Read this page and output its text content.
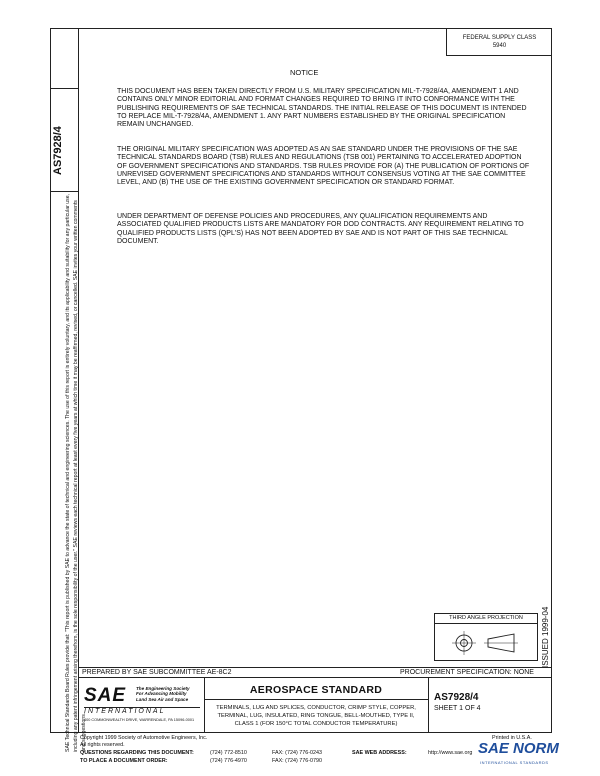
AS7928/4
SAE Technical Standards Board Rules provide that: "This report is published by SAE to advance the state of technical and engineering sciences. The use of this report is entirely voluntary, and its applicability and suitability for any particular use, including any patent infringement arising therefrom, is the sole responsibility of the user." SAE reviews each technical report at least every five years at which time it may be reaffirmed, revised, or cancelled. SAE invites your written comments and suggestions.
FEDERAL SUPPLY CLASS
5940
NOTICE
THIS DOCUMENT HAS BEEN TAKEN DIRECTLY FROM U.S. MILITARY SPECIFICATION MIL-T-7928/4A, AMENDMENT 1 AND CONTAINS ONLY MINOR EDITORIAL AND FORMAT CHANGES REQUIRED TO BRING IT INTO CONFORMANCE WITH THE PUBLISHING REQUIREMENTS OF SAE TECHNICAL STANDARDS. THE INITIAL RELEASE OF THIS DOCUMENT IS INTENDED TO REPLACE MIL-T-7928/4A, AMENDMENT 1. ANY PART NUMBERS ESTABLISHED BY THE ORIGINAL SPECIFICATION REMAIN UNCHANGED.
THE ORIGINAL MILITARY SPECIFICATION WAS ADOPTED AS AN SAE STANDARD UNDER THE PROVISIONS OF THE SAE TECHNICAL STANDARDS BOARD (TSB) RULES AND REGULATIONS (TSB 001) PERTAINING TO ACCELERATED ADOPTION OF GOVERNMENT SPECIFICATIONS AND STANDARDS. TSB RULES PROVIDE FOR (A) THE PUBLICATION OF PORTIONS OF UNREVISED GOVERNMENT SPECIFICATIONS AND STANDARDS WITHOUT CONSENSUS VOTING AT THE SAE COMMITTEE LEVEL, AND (B) THE USE OF THE EXISTING GOVERNMENT SPECIFICATION OR STANDARD FORMAT.
UNDER DEPARTMENT OF DEFENSE POLICIES AND PROCEDURES, ANY QUALIFICATION REQUIREMENTS AND ASSOCIATED QUALIFIED PRODUCTS LISTS ARE MANDATORY FOR DOD CONTRACTS. ANY REQUIREMENT RELATING TO QUALIFIED PRODUCTS LISTS (QPL'S) HAS NOT BEEN ADOPTED BY SAE AND IS NOT PART OF THIS SAE TECHNICAL DOCUMENT.
ISSUED 1999-04
THIRD ANGLE PROJECTION
PREPARED BY SAE SUBCOMMITTEE AE-8C2	PROCUREMENT SPECIFICATION: NONE
SAE The Engineering Society
For Advancing Mobility
Land Sea Air and Space
INTERNATIONAL
400 COMMONWEALTH DRIVE, WARRENDALE, PA 15096-0001
AEROSPACE STANDARD
TERMINALS, LUG AND SPLICES, CONDUCTOR, CRIMP STYLE, COPPER, TERMINAL, LUG, INSULATED, RING TONGUE, BELL-MOUTHED, TYPE II, CLASS 1 (FOR 150°C TOTAL CONDUCTOR TEMPERATURE)
AS7928/4
SHEET 1 OF 4
Copyright 1999 Society of Automotive Engineers, Inc.
All rights reserved.
Printed in U.S.A.
QUESTIONS REGARDING THIS DOCUMENT:	(724) 772-8510	FAX: (724) 776-0243
TO PLACE A DOCUMENT ORDER:	(724) 776-4970	FAX: (724) 776-0790
SAE WEB ADDRESS:	http://www.sae.org SAE NORM
INTERNATIONAL STANDARDS
